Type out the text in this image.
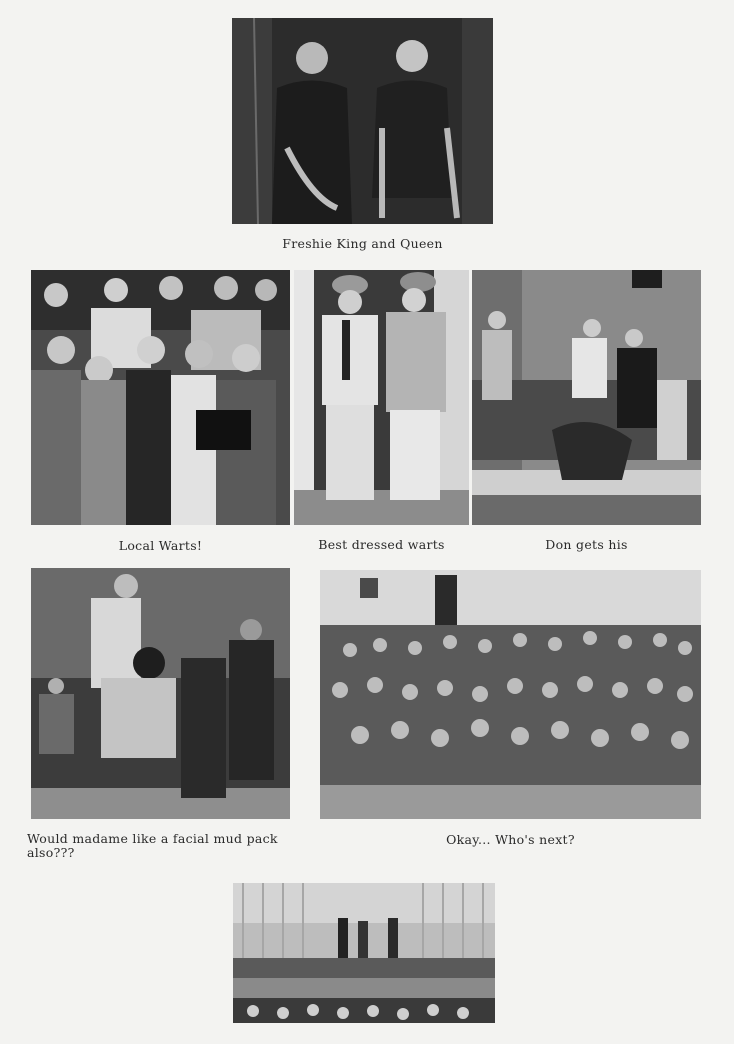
Freshie King and Queen
Local Warts!	Best dressed warts	Don gets his
Would madame like a facial mud pack also???
Okay... Who's next?
